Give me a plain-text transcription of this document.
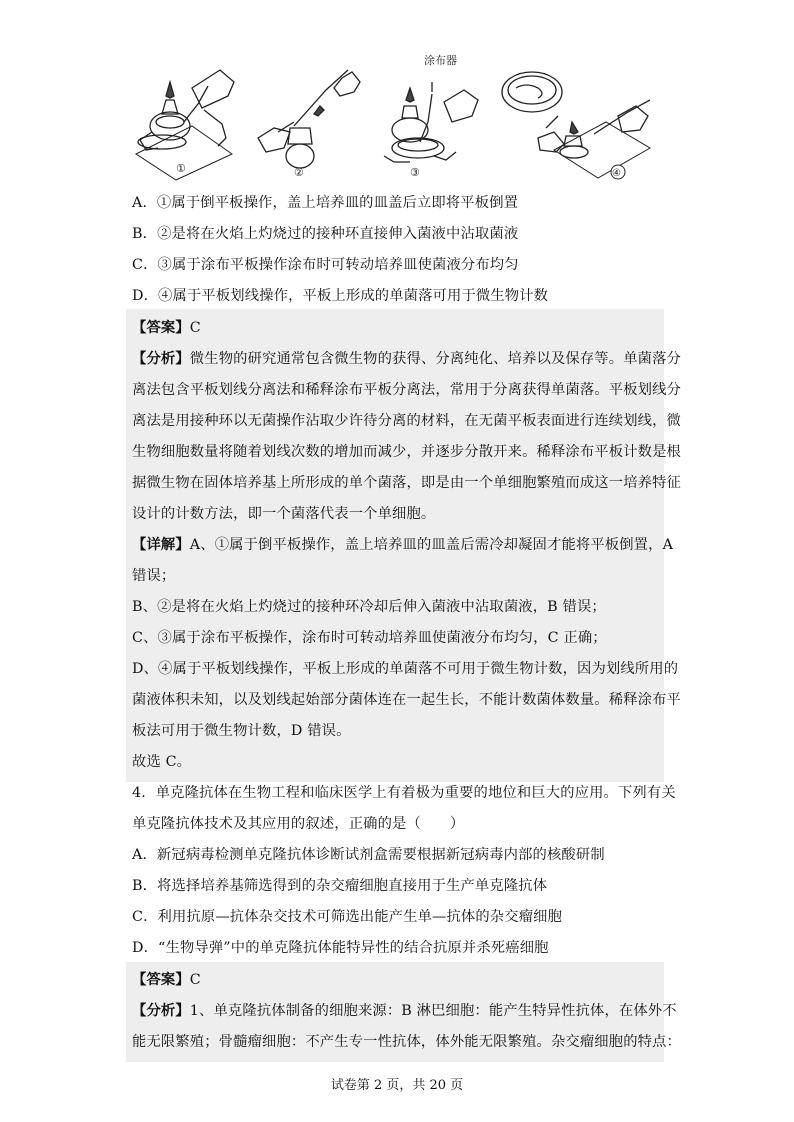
①	②	③	④
涂布器
A．①属于倒平板操作，盖上培养皿的皿盖后立即将平板倒置
B．②是将在火焰上灼烧过的接种环直接伸入菌液中沾取菌液
C．③属于涂布平板操作涂布时可转动培养皿使菌液分布均匀
D．④属于平板划线操作，平板上形成的单菌落可用于微生物计数
【答案】C
【分析】微生物的研究通常包含微生物的获得、分离纯化、培养以及保存等。单菌落分
离法包含平板划线分离法和稀释涂布平板分离法，常用于分离获得单菌落。平板划线分
离法是用接种环以无菌操作沾取少许待分离的材料，在无菌平板表面进行连续划线，微
生物细胞数量将随着划线次数的增加而减少，并逐步分散开来。稀释涂布平板计数是根
据微生物在固体培养基上所形成的单个菌落，即是由一个单细胞繁殖而成这一培养特征
设计的计数方法，即一个菌落代表一个单细胞。
【详解】A、①属于倒平板操作，盖上培养皿的皿盖后需冷却凝固才能将平板倒置，A
错误；
B、②是将在火焰上灼烧过的接种环冷却后伸入菌液中沾取菌液，B 错误；
C、③属于涂布平板操作，涂布时可转动培养皿使菌液分布均匀，C 正确；
D、④属于平板划线操作，平板上形成的单菌落不可用于微生物计数，因为划线所用的
菌液体积未知，以及划线起始部分菌体连在一起生长，不能计数菌体数量。稀释涂布平
板法可用于微生物计数，D 错误。
故选 C。
4．单克隆抗体在生物工程和临床医学上有着极为重要的地位和巨大的应用。下列有关
单克隆抗体技术及其应用的叙述，正确的是（　　）
A．新冠病毒检测单克隆抗体诊断试剂盒需要根据新冠病毒内部的核酸研制
B．将选择培养基筛选得到的杂交瘤细胞直接用于生产单克隆抗体
C．利用抗原—抗体杂交技术可筛选出能产生单—抗体的杂交瘤细胞
D．“生物导弹”中的单克隆抗体能特异性的结合抗原并杀死癌细胞
【答案】C
【分析】1、单克隆抗体制备的细胞来源：B 淋巴细胞：能产生特异性抗体，在体外不
能无限繁殖；骨髓瘤细胞：不产生专一性抗体，体外能无限繁殖。杂交瘤细胞的特点：
试卷第 2 页，共 20 页
